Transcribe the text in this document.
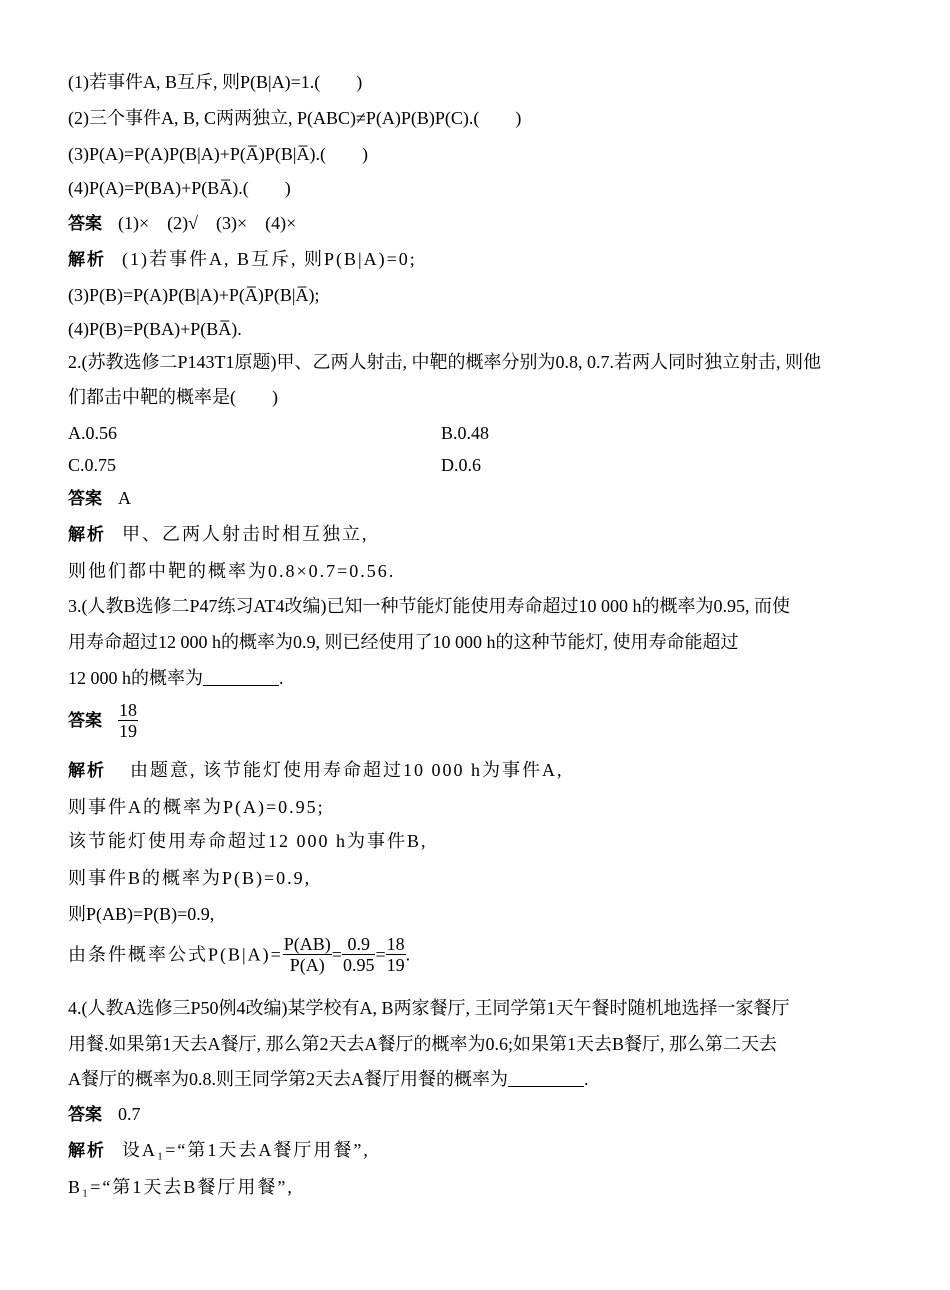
(1)若事件A, B互斥, 则P(B|A)=1.(　　)
(2)三个事件A, B, C两两独立, P(ABC)≠P(A)P(B)P(C).(　　)
(3)P(A)=P(A)P(B|A)+P(A̅)P(B|A̅).(　　)
(4)P(A)=P(BA)+P(BA̅).(　　)
答案 (1)×　(2)√　(3)×　(4)×
解析 (1)若事件A, B互斥, 则P(B|A)=0;
(3)P(B)=P(A)P(B|A)+P(A̅)P(B|A̅);
(4)P(B)=P(BA)+P(BA̅).
2.(苏教选修二P143T1原题)甲、乙两人射击, 中靶的概率分别为0.8, 0.7.若两人同时独立射击, 则他
们都击中靶的概率是(　　)
A.0.56	B.0.48
C.0.75	D.0.6
答案 A
解析 甲、乙两人射击时相互独立,
则他们都中靶的概率为0.8×0.7=0.56.
3.(人教B选修二P47练习AT4改编)已知一种节能灯能使用寿命超过10 000 h的概率为0.95, 而使
用寿命超过12 000 h的概率为0.9, 则已经使用了10 000 h的这种节能灯, 使用寿命能超过
12 000 h的概率为	.
答案 $\frac{18}{19}$
解析 由题意, 该节能灯使用寿命超过10 000 h为事件A,
则事件A的概率为P(A)=0.95;
该节能灯使用寿命超过12 000 h为事件B,
则事件B的概率为P(B)=0.9,
则P(AB)=P(B)=0.9,
由条件概率公式$P(B|A)= \frac{P(AB)}{P(A)} = \frac{0.9}{0.95} = \frac{18}{19}$ .
4.(人教A选修三P50例4改编)某学校有A, B两家餐厅, 王同学第1天午餐时随机地选择一家餐厅
用餐.如果第1天去A餐厅, 那么第2天去A餐厅的概率为0.6;如果第1天去B餐厅, 那么第二天去
A餐厅的概率为0.8.则王同学第2天去A餐厅用餐的概率为	.
答案 0.7
解析 设A₁=“第1天去A餐厅用餐”,
B₁=“第1天去B餐厅用餐”,
